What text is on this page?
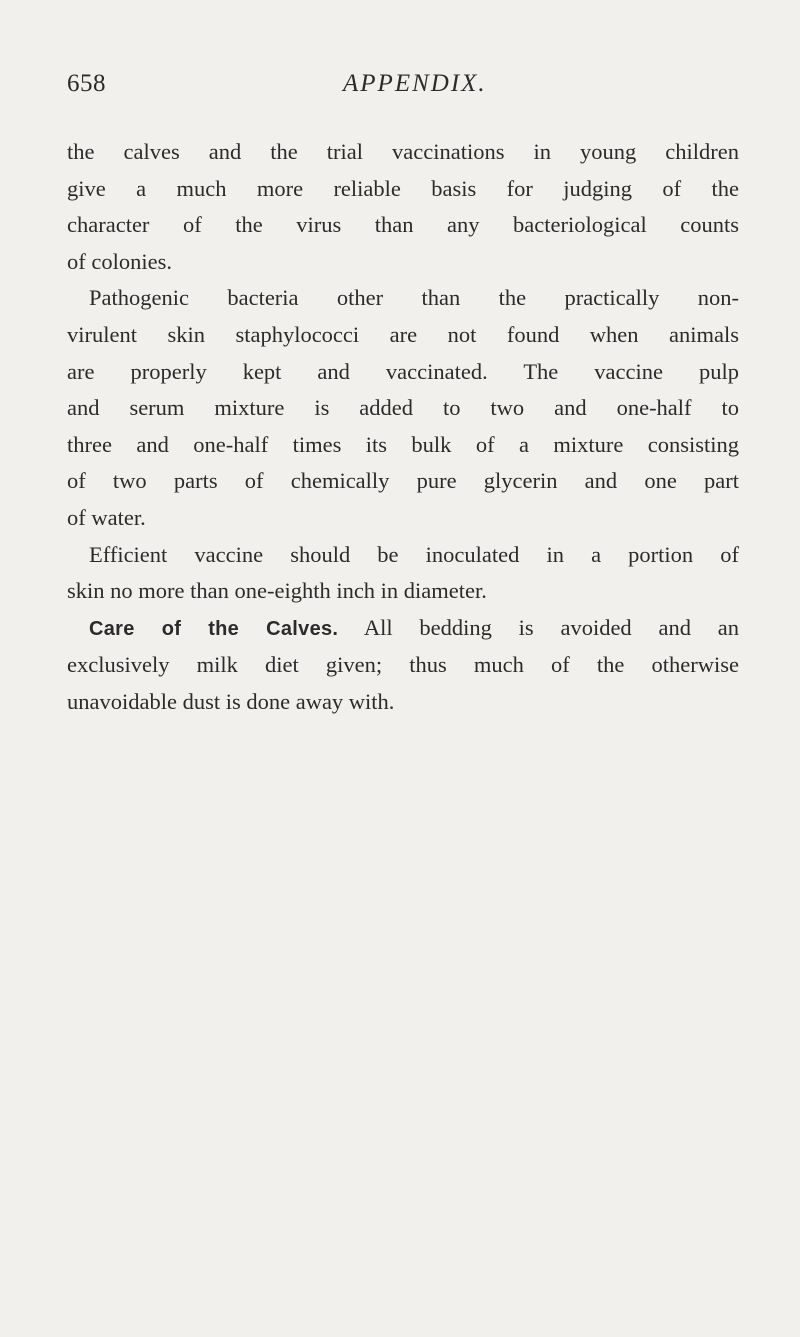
658	APPENDIX.

the calves and the trial vaccinations in young children
give a much more reliable basis for judging of the
character of the virus than any bacteriological counts
of colonies.

Pathogenic bacteria other than the practically non-
virulent skin staphylococci are not found when animals
are properly kept and vaccinated. The vaccine pulp
and serum mixture is added to two and one-half to
three and one-half times its bulk of a mixture consisting
of two parts of chemically pure glycerin and one part
of water.

Efficient vaccine should be inoculated in a portion of
skin no more than one-eighth inch in diameter.

Care of the Calves. All bedding is avoided and an
exclusively milk diet given; thus much of the otherwise
unavoidable dust is done away with.
